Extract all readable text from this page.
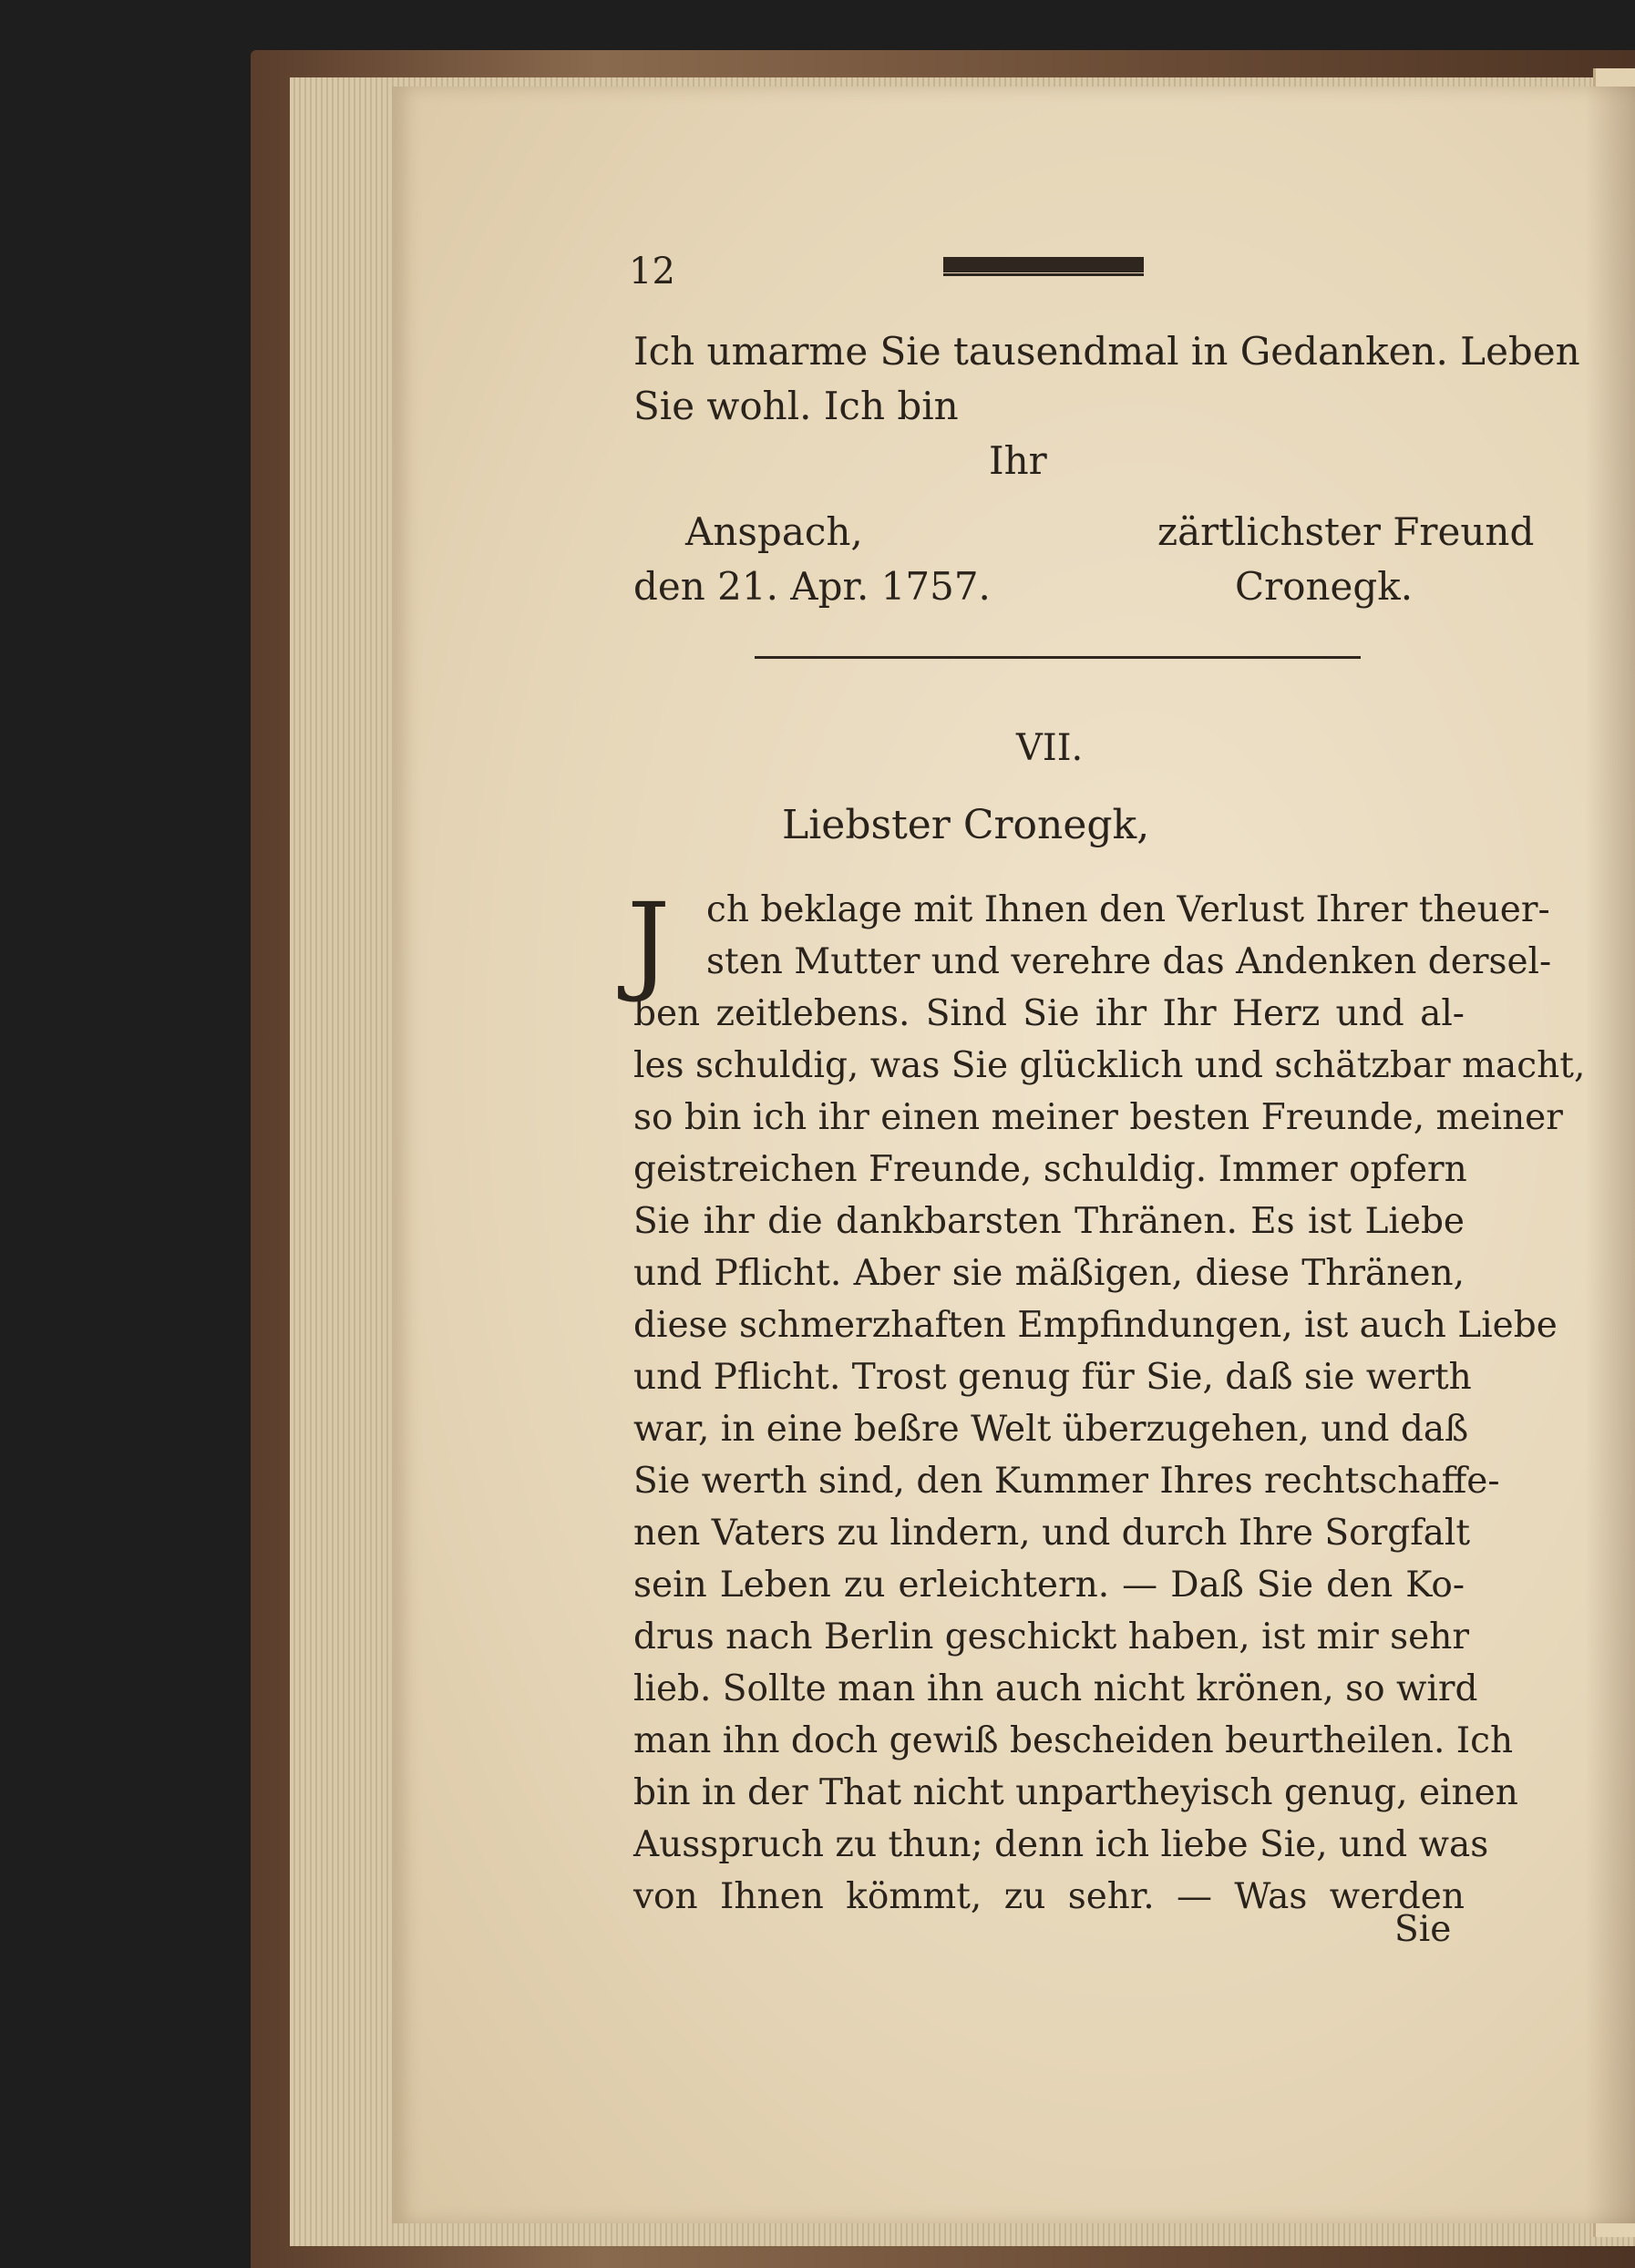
12

Ich umarme Sie tausendmal in Gedanken. Leben

Sie wohl. Ich bin

Ihr

Anspach,

den 21. Apr. 1757.

zärtlichster Freund

Cronegk.

VII.

Liebster Cronegk,

J	ch beklage mit Ihnen den Verlust Ihrer theuer-
sten Mutter und verehre das Andenken dersel-
ben zeitlebens. Sind Sie ihr Ihr Herz und al-
les schuldig, was Sie glücklich und schätzbar macht,
so bin ich ihr einen meiner besten Freunde, meiner
geistreichen Freunde, schuldig. Immer opfern
Sie ihr die dankbarsten Thränen. Es ist Liebe
und Pflicht. Aber sie mäßigen, diese Thränen,
diese schmerzhaften Empfindungen, ist auch Liebe
und Pflicht. Trost genug für Sie, daß sie werth
war, in eine beßre Welt überzugehen, und daß
Sie werth sind, den Kummer Ihres rechtschaffe-
nen Vaters zu lindern, und durch Ihre Sorgfalt
sein Leben zu erleichtern. — Daß Sie den Ko-
drus nach Berlin geschickt haben, ist mir sehr
lieb. Sollte man ihn auch nicht krönen, so wird
man ihn doch gewiß bescheiden beurtheilen. Ich
bin in der That nicht unpartheyisch genug, einen
Ausspruch zu thun; denn ich liebe Sie, und was
von Ihnen kömmt, zu sehr. — Was werden

Sie
